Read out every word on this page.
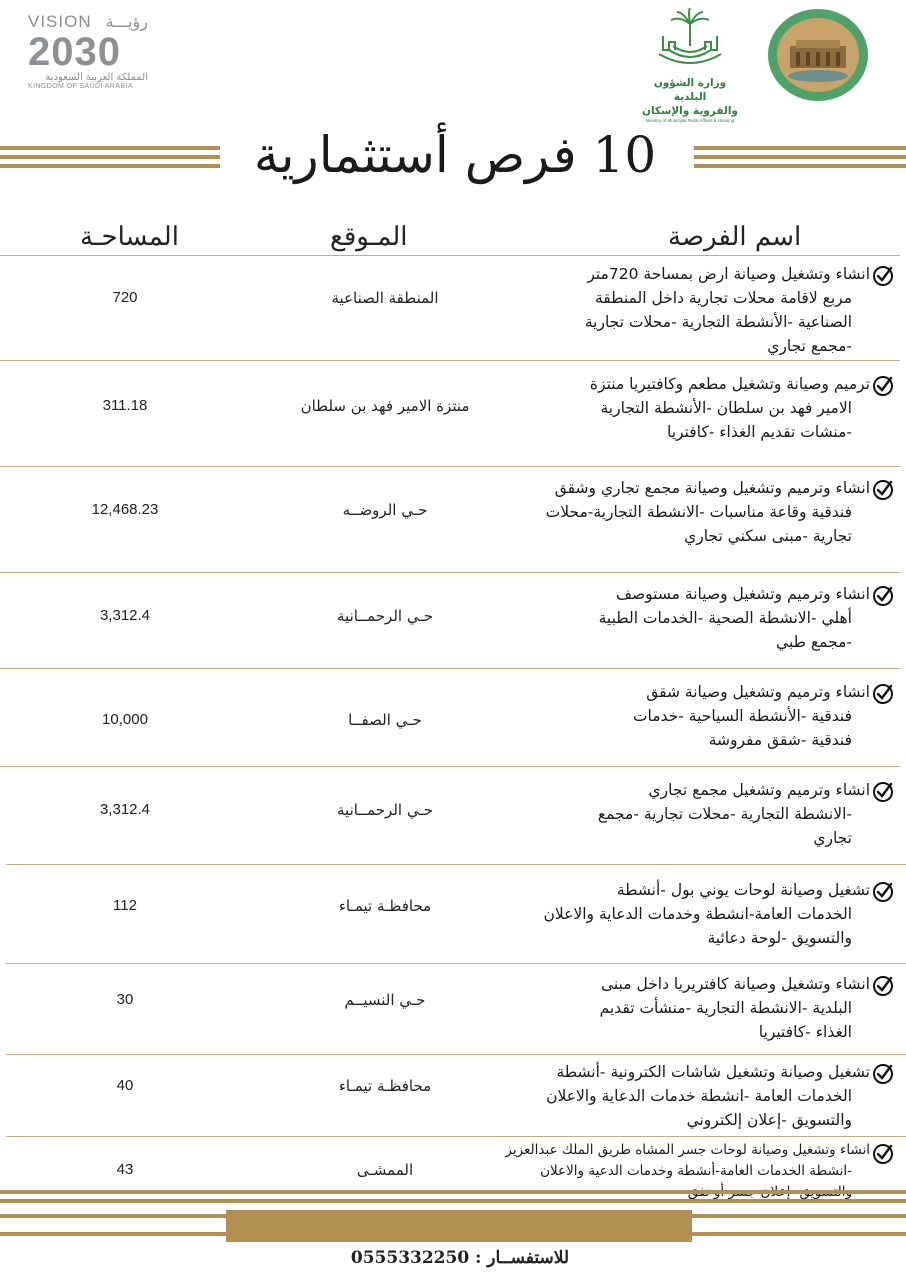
VISION رؤيـــة
2030
المملكة العربية السعودية
KINGDOM OF SAUDI ARABIA	وزارة الشؤون البلدية
والقروية والإسكان
Ministry of Municipal Rural Affairs & Housing
10 فرص أستثمارية
المساحـة	المـوقع	اسم الفرصة
720	المنطقة الصناعية
انشاء وتشغيل وصيانة ارض بمساحة 720متر
مربع لاقامة محلات تجارية داخل المنطقة
الصناعية -الأنشطة التجارية -محلات تجارية
-مجمع تجاري
311.18	منتزة الامير فهد بن سلطان
ترميم وصيانة وتشغيل مطعم وكافتيريا منتزة
الامير فهد بن سلطان -الأنشطة التجارية
-منشات تقديم الغذاء -كافتريا
12,468.23	حـي الروضــه
انشاء وترميم وتشغيل وصيانة مجمع تجاري وشقق
فندقية وقاعة مناسبات -الانشطة التجارية-محلات
تجارية -مبنى سكني تجاري
3,312.4	حـي الرحمــانية
انشاء وترميم وتشغيل وصيانة مستوصف
أهلي -الانشطة الصحية -الخدمات الطبية
-مجمع طبي
10,000	حـي الصفــا
انشاء وترميم وتشغيل وصيانة شقق
فندقية -الأنشطة السياحية -خدمات
فندقية -شقق مفروشة
3,312.4	حـي الرحمــانية
انشاء وترميم وتشغيل مجمع تجاري
-الانشطة التجارية -محلات تجارية -مجمع
تجاري
112	محافظـة تيمـاء
تشغيل وصيانة لوحات يوني بول -أنشطة
الخدمات العامة-انشطة وخدمات الدعاية والاعلان
والتسويق -لوحة دعائية
30	حـي النسيــم
انشاء وتشغيل وصيانة كافتريريا داخل مبنى
البلدية -الانشطة التجارية -منشأت تقديم
الغذاء -كافتيريا
40	محافظـة تيمـاء
تشغيل وصيانة وتشغيل شاشات الكترونية -أنشطة
الخدمات العامة -انشطة خدمات الدعاية والاعلان
والتسويق -إعلان إلكتروني
43	الممشـى
انشاء وتشغيل وصيانة لوحات جسر المشاه طريق الملك عبدالعزيز
-انشطة الخدمات العامة-أنشطة وخدمات الدعية والاعلان
للاستفســار : 0555332250
